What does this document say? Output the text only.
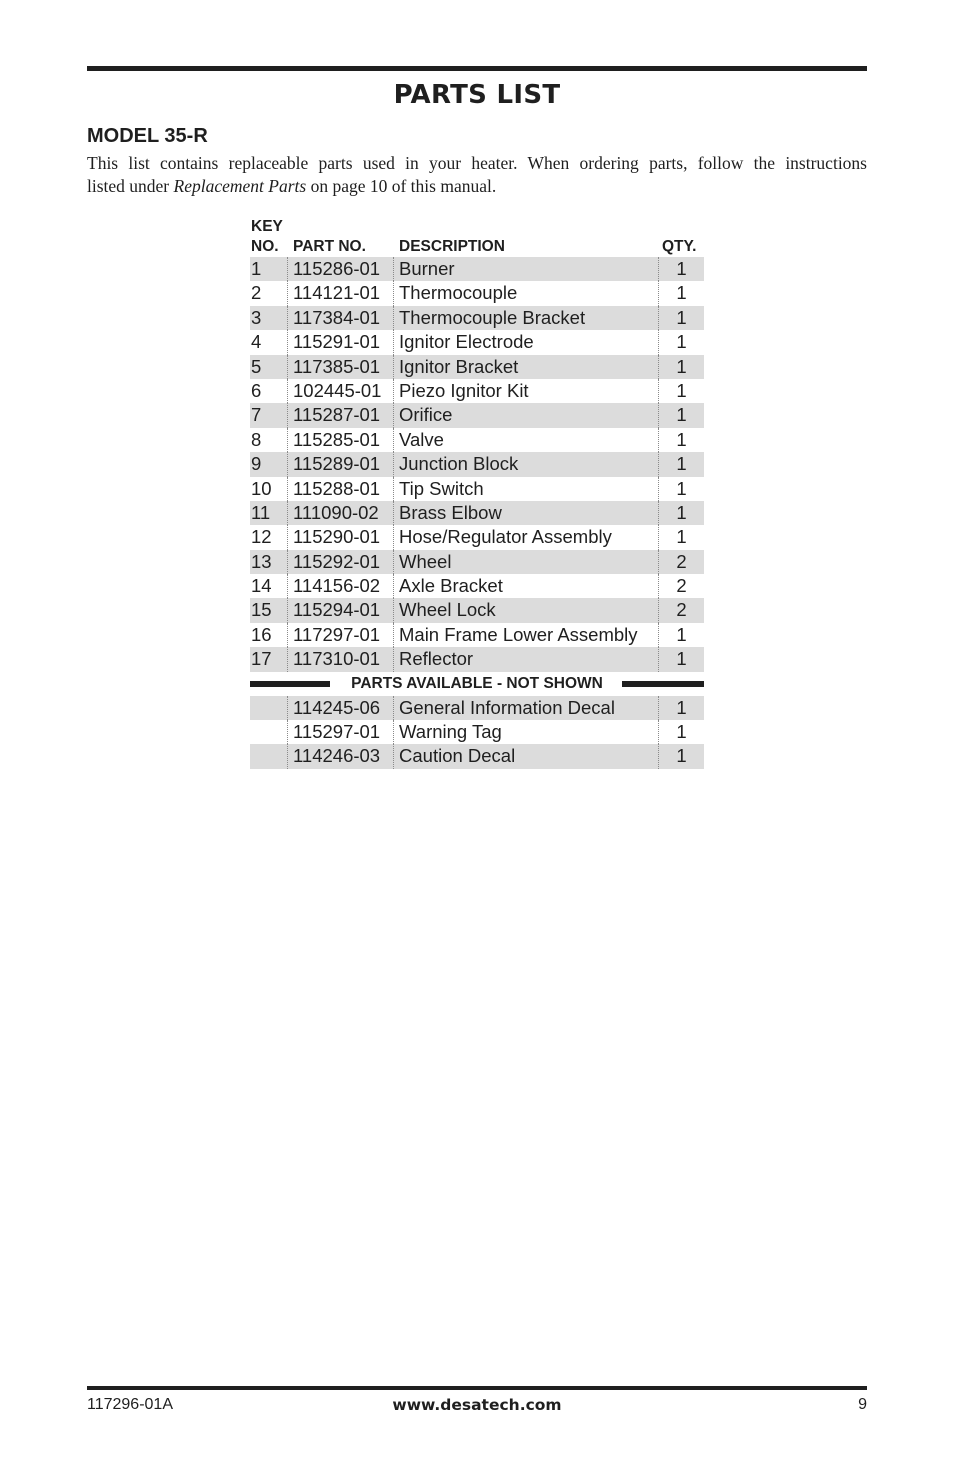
PARTS LIST
MODEL 35-R
This list contains replaceable parts used in your heater. When ordering parts, follow the instructions
listed under Replacement Parts on page 10 of this manual.
KEY
NO. PART NO. DESCRIPTION	QTY.
1	115286-01	Burner	1
2	114121-01	Thermocouple	1
3	117384-01	Thermocouple Bracket	1
4	115291-01	Ignitor Electrode	1
5	117385-01	Ignitor Bracket	1
6	102445-01 Piezo Ignitor Kit	1
7	115287-01	Orifice	1
8	115285-01	Valve	1
9	115289-01	Junction Block	1
10	115288-01	Tip Switch	1
11	111090-02	Brass Elbow	1
12	115290-01	Hose/Regulator Assembly	1
13	115292-01	Wheel	2
14	114156-02	Axle Bracket	2
15	115294-01	Wheel Lock	2
16	117297-01	Main Frame Lower Assembly	1
17	117310-01	Reflector	1
PARTS AVAILABLE - NOT SHOWN
114245-06	General Information Decal	1
115297-01	Warning Tag	1
114246-03	Caution Decal	1
117296-01A	www.desatech.com	9
